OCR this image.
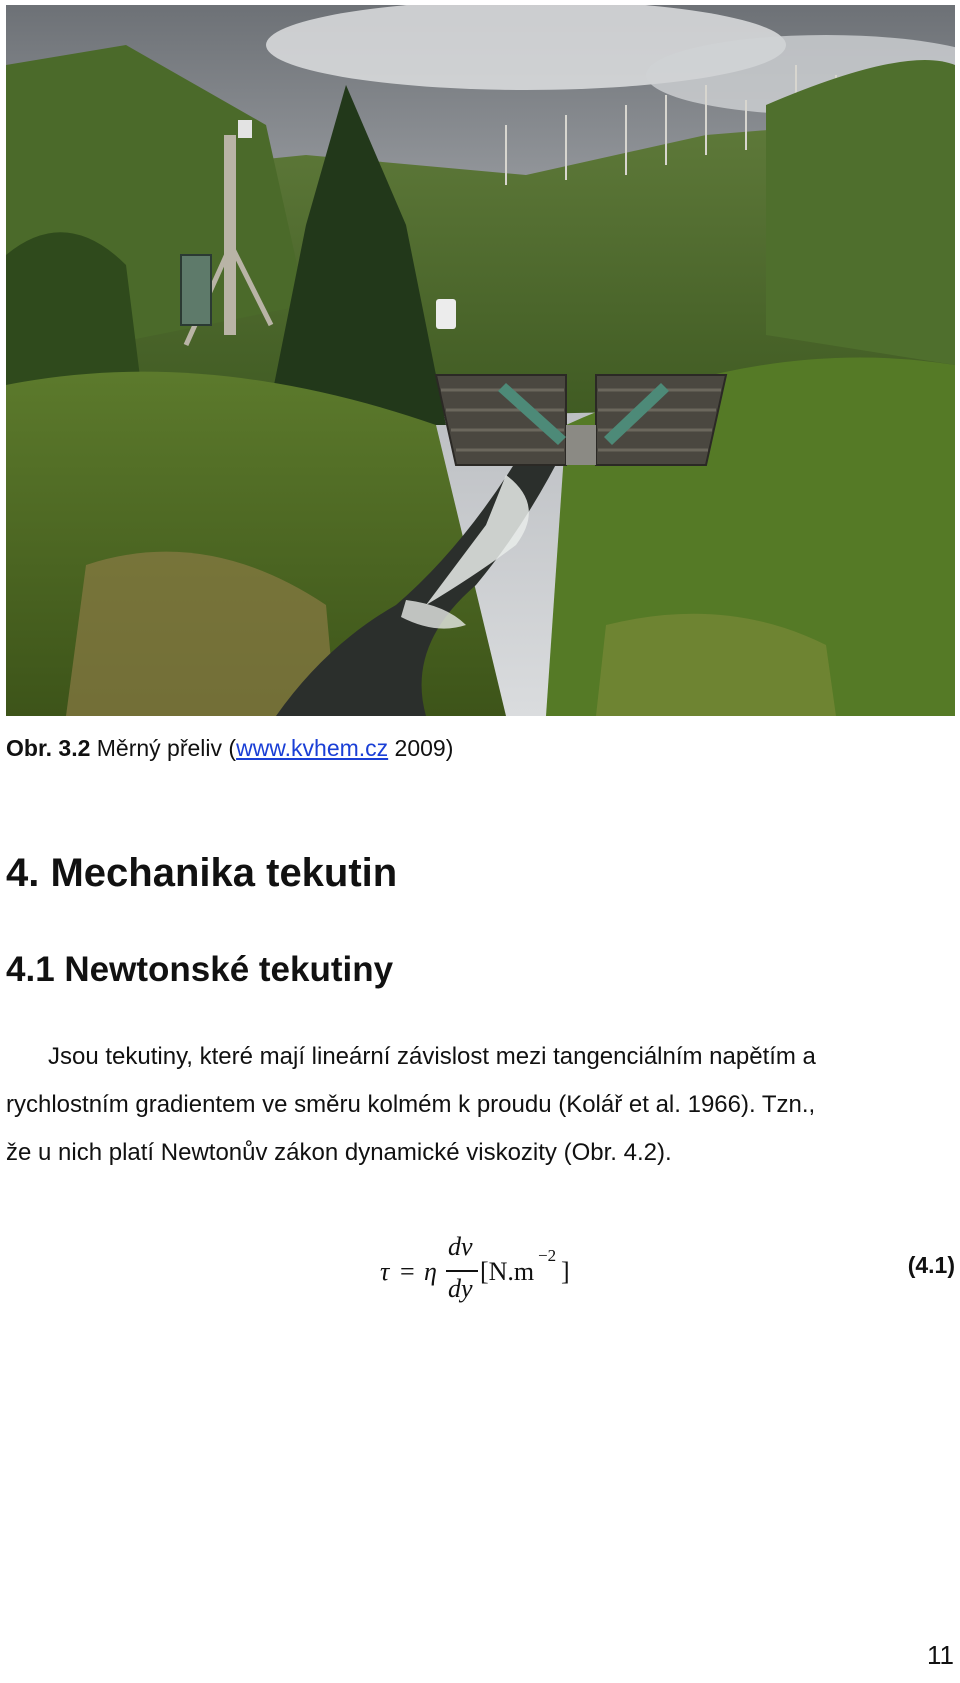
Obr. 3.2 Měrný přeliv (www.kvhem.cz 2009)
4. Mechanika tekutin
4.1 Newtonské tekutiny
Jsou tekutiny, které mají lineární závislost mezi tangenciálním napětím a
rychlostním gradientem ve směru kolmém k proudu (Kolář et al. 1966). Tzn.,
že u nich platí Newtonův zákon dynamické viskozity (Obr. 4.2).
τ = η
dv
dy
[N.m
−2
]	(4.1)
11
